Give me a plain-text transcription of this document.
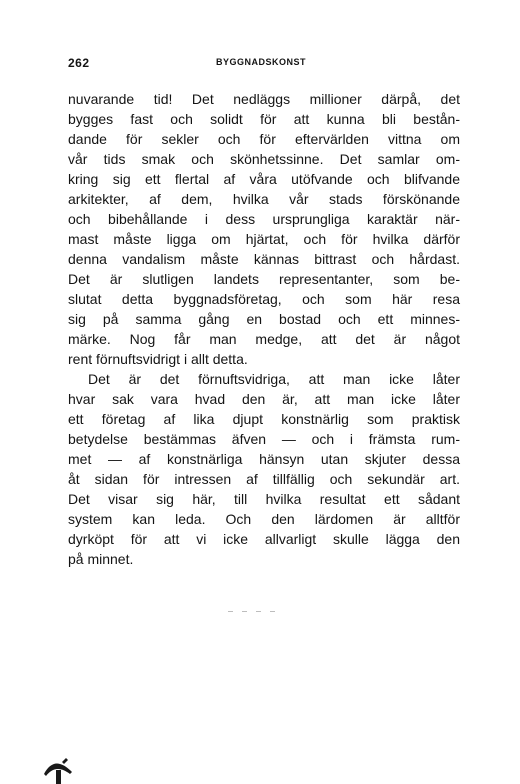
262	BYGGNADSKONST
nuvarande tid! Det nedläggs millioner därpå, det
bygges fast och solidt för att kunna bli bestån-
dande för sekler och för eftervärlden vittna om
vår tids smak och skönhetssinne. Det samlar om-
kring sig ett flertal af våra utöfvande och blifvande
arkitekter, af dem, hvilka vår stads förskönande
och bibehållande i dess ursprungliga karaktär när-
mast måste ligga om hjärtat, och för hvilka därför
denna vandalism måste kännas bittrast och hårdast.
Det är slutligen landets representanter, som be-
slutat detta byggnadsföretag, och som här resa
sig på samma gång en bostad och ett minnes-
märke. Nog får man medge, att det är något
rent förnuftsvidrigt i allt detta.
Det är det förnuftsvidriga, att man icke låter
hvar sak vara hvad den är, att man icke låter
ett företag af lika djupt konstnärlig som praktisk
betydelse bestämmas äfven — och i främsta rum-
met — af konstnärliga hänsyn utan skjuter dessa
åt sidan för intressen af tillfällig och sekundär art.
Det visar sig här, till hvilka resultat ett sådant
system kan leda. Och den lärdomen är alltför
dyrköpt för att vi icke allvarligt skulle lägga den
på minnet.
